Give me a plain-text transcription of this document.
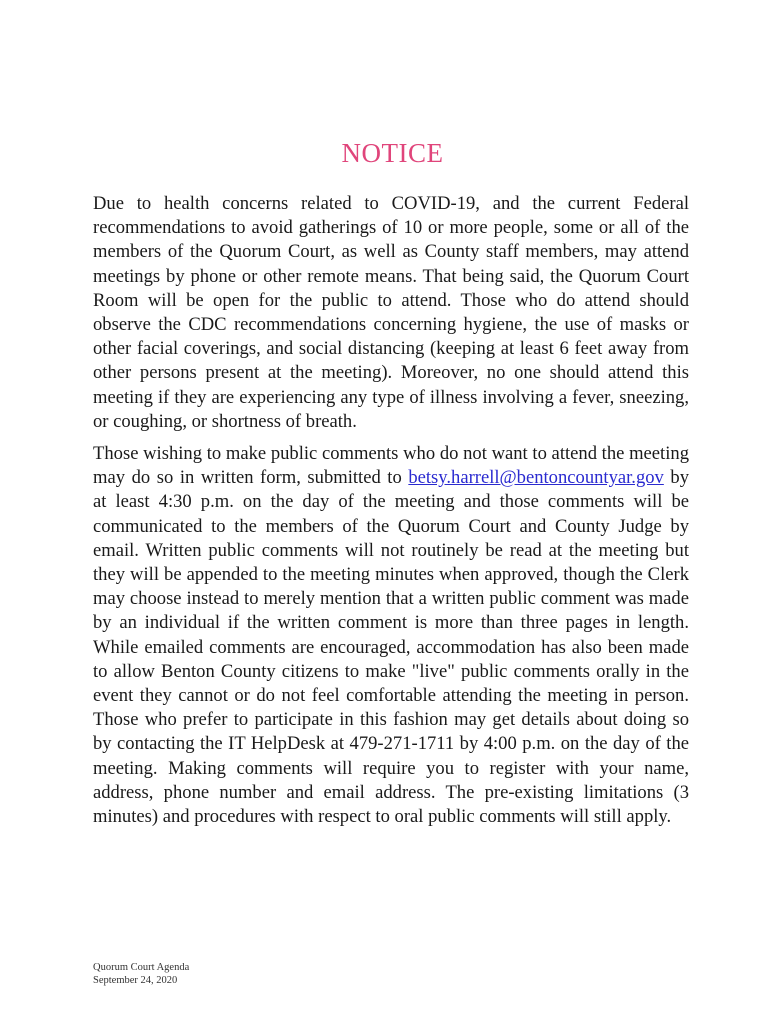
NOTICE

Due to health concerns related to COVID-19, and the current Federal recommendations to avoid gatherings of 10 or more people, some or all of the members of the Quorum Court, as well as County staff members, may attend meetings by phone or other remote means. That being said, the Quorum Court Room will be open for the public to attend. Those who do attend should observe the CDC recommendations concerning hygiene, the use of masks or other facial coverings, and social distancing (keeping at least 6 feet away from other persons present at the meeting). Moreover, no one should attend this meeting if they are experiencing any type of illness involving a fever, sneezing, or coughing, or shortness of breath.

Those wishing to make public comments who do not want to attend the meeting may do so in written form, submitted to betsy.harrell@bentoncountyar.gov by at least 4:30 p.m. on the day of the meeting and those comments will be communicated to the members of the Quorum Court and County Judge by email. Written public comments will not routinely be read at the meeting but they will be appended to the meeting minutes when approved, though the Clerk may choose instead to merely mention that a written public comment was made by an individual if the written comment is more than three pages in length. While emailed comments are encouraged, accommodation has also been made to allow Benton County citizens to make "live" public comments orally in the event they cannot or do not feel comfortable attending the meeting in person. Those who prefer to participate in this fashion may get details about doing so by contacting the IT HelpDesk at 479-271-1711 by 4:00 p.m. on the day of the meeting. Making comments will require you to register with your name, address, phone number and email address. The pre-existing limitations (3 minutes) and procedures with respect to oral public comments will still apply.

Quorum Court Agenda
September 24, 2020
